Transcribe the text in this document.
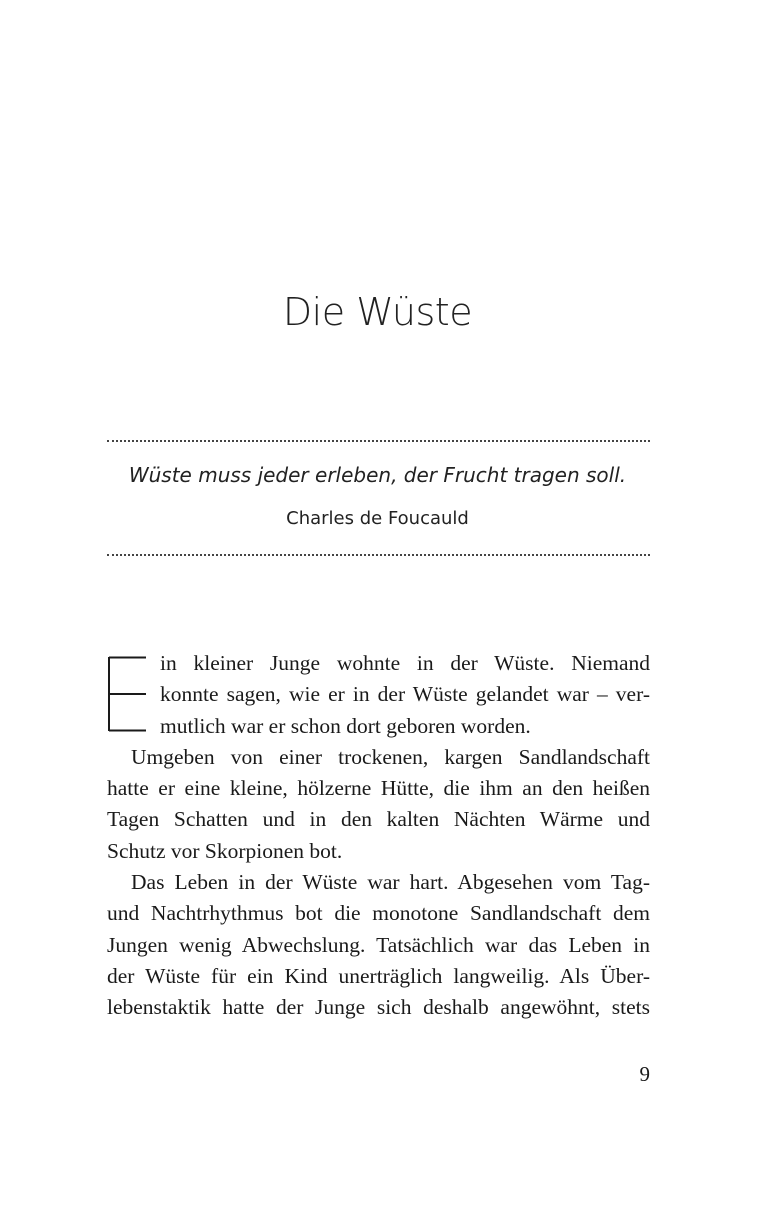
Die Wüste
Wüste muss jeder erleben, der Frucht tragen soll.
Charles de Foucauld
in kleiner Junge wohnte in der Wüste. Niemand
konnte sagen, wie er in der Wüste gelandet war – ver-
mutlich war er schon dort geboren worden.
Umgeben von einer trockenen, kargen Sandlandschaft
hatte er eine kleine, hölzerne Hütte, die ihm an den heißen
Tagen Schatten und in den kalten Nächten Wärme und
Schutz vor Skorpionen bot.
Das Leben in der Wüste war hart. Abgesehen vom Tag-
und Nachtrhythmus bot die monotone Sandlandschaft dem
Jungen wenig Abwechslung. Tatsächlich war das Leben in
der Wüste für ein Kind unerträglich langweilig. Als Über-
lebenstaktik hatte der Junge sich deshalb angewöhnt, stets
9
